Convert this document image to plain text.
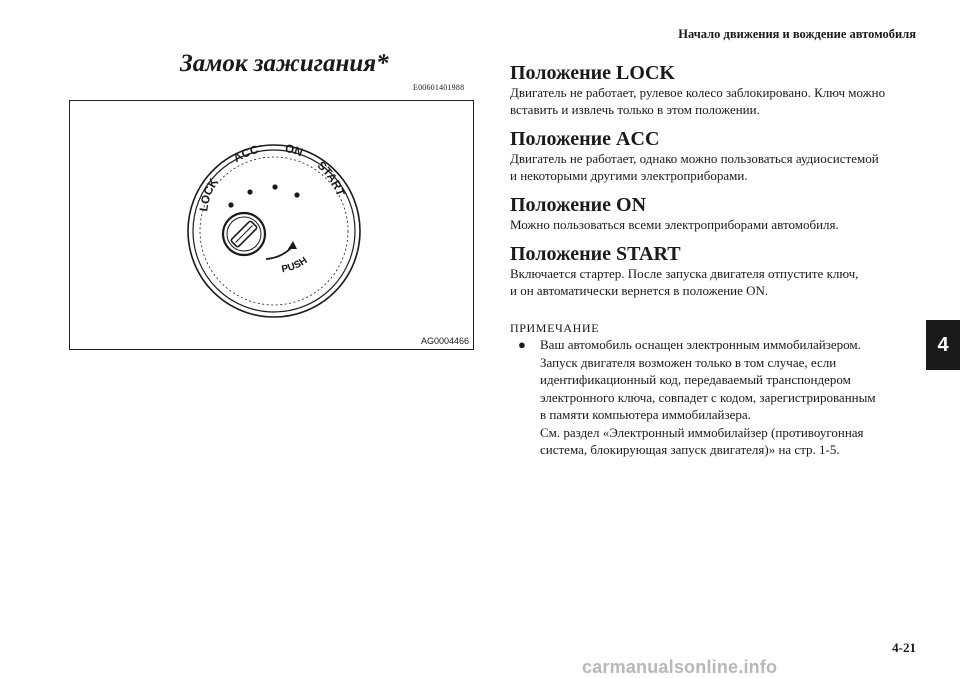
Начало движения и вождение автомобиля
Замок зажигания*
E00601401988
LOCK
ACC ON
START
PUSH
AG0004466
Положение LOCK

Двигатель не работает, рулевое колесо заблокировано. Ключ можно
вставить и извлечь только в этом положении.

Положение ACC

Двигатель не работает, однако можно пользоваться аудиосистемой
и некоторыми другими электроприборами.

Положение ON

Можно пользоваться всеми электроприборами автомобиля.

Положение START

Включается стартер. После запуска двигателя отпустите ключ,
и он автоматически вернется в положение ON.

ПРИМЕЧАНИЕ
●	Ваш автомобиль оснащен электронным иммобилайзером.
Запуск двигателя возможен только в том случае, если
идентификационный код, передаваемый транспондером
электронного ключа, совпадет с кодом, зарегистрированным
в памяти компьютера иммобилайзера.
См. раздел «Электронный иммобилайзер (противоугонная
система, блокирующая запуск двигателя)» на стр. 1-5.
4
4-21
carmanualsonline.info
